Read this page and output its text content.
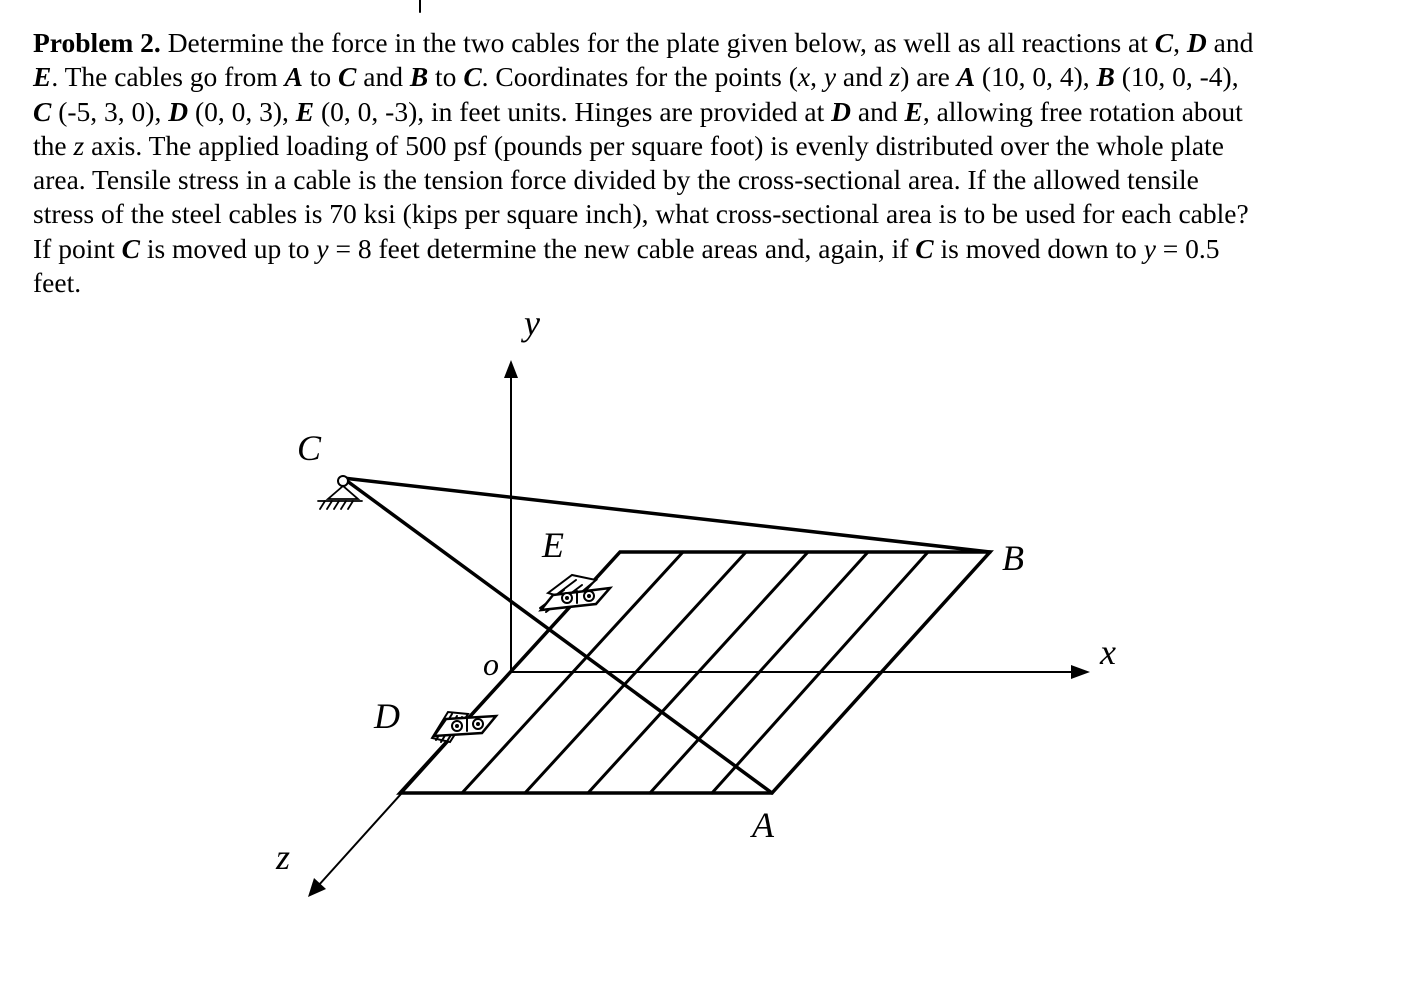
Problem 2. Determine the force in the two cables for the plate given below, as well as all reactions at C, D and
E. The cables go from A to C and B to C. Coordinates for the points (x, y and z) are A (10, 0, 4), B (10, 0, -4),
C (-5, 3, 0), D (0, 0, 3), E (0, 0, -3), in feet units. Hinges are provided at D and E, allowing free rotation about
the z axis. The applied loading of 500 psf (pounds per square foot) is evenly distributed over the whole plate
area. Tensile stress in a cable is the tension force divided by the cross-sectional area. If the allowed tensile
stress of the steel cables is 70 ksi (kips per square inch), what cross-sectional area is to be used for each cable?
If point C is moved up to y = 8 feet determine the new cable areas and, again, if C is moved down to y = 0.5
feet.

y
x
z
o
C
E	B
D
A
